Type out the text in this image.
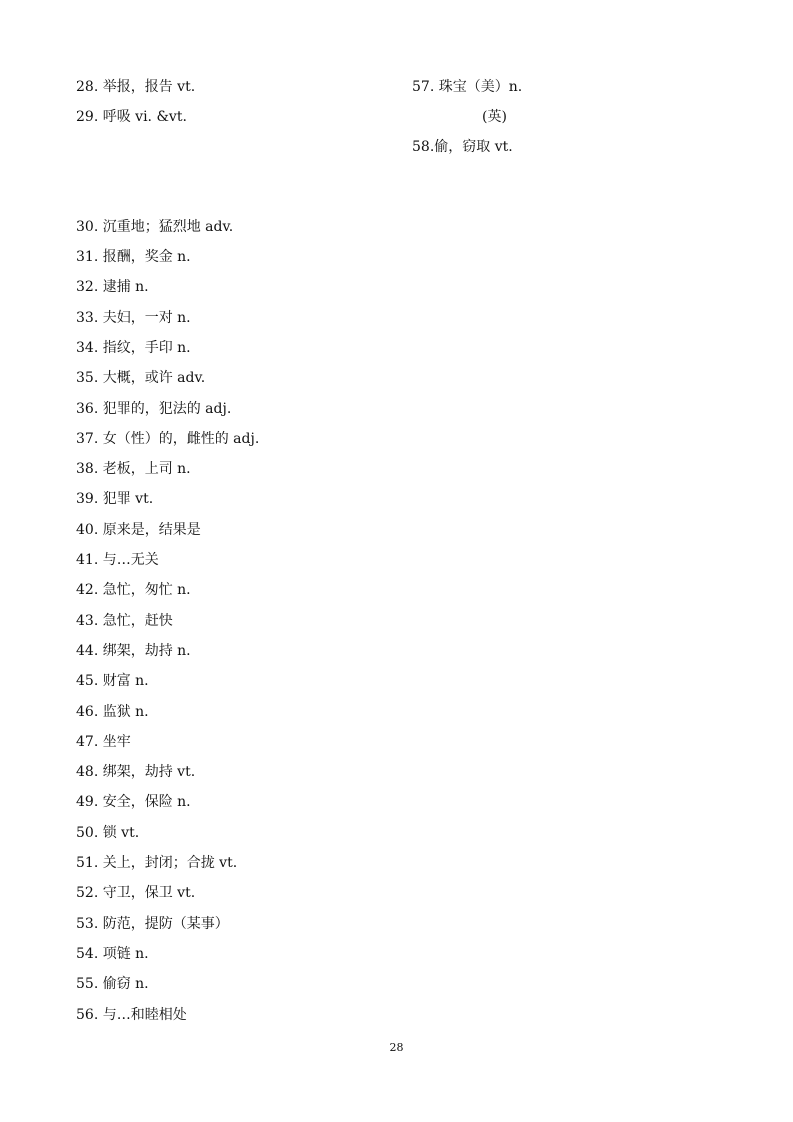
28. 举报，报告 vt.
29. 呼吸 vi. &vt.
57. 珠宝（美）n.
(英)
58.偷，窃取 vt.
30. 沉重地；猛烈地 adv.
31. 报酬，奖金 n.
32. 逮捕 n.
33. 夫妇，一对 n.
34. 指纹，手印 n.
35. 大概，或许 adv.
36. 犯罪的，犯法的 adj.
37. 女（性）的，雌性的 adj.
38. 老板，上司 n.
39. 犯罪 vt.
40. 原来是，结果是
41. 与…无关
42. 急忙，匆忙 n.
43. 急忙，赶快
44. 绑架，劫持 n.
45. 财富 n.
46. 监狱 n.
47. 坐牢
48. 绑架，劫持 vt.
49. 安全，保险 n.
50. 锁 vt.
51. 关上，封闭；合拢 vt.
52. 守卫，保卫 vt.
53. 防范，提防（某事）
54. 项链 n.
55. 偷窃 n.
56. 与…和睦相处
28
